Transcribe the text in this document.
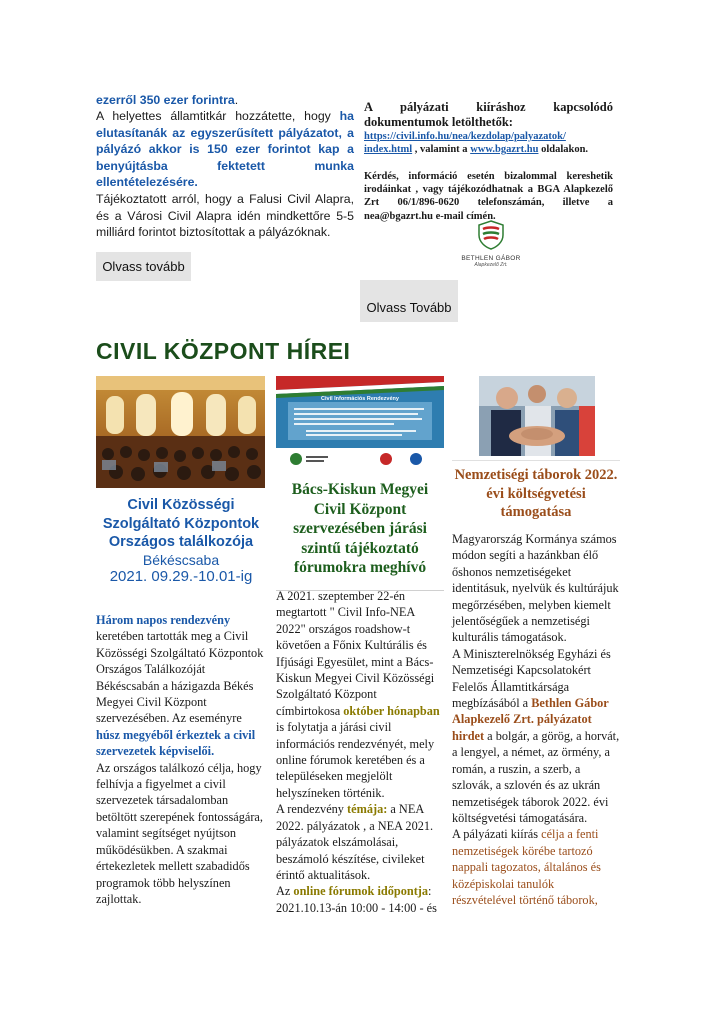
ezerről 350 ezer forintra.

A helyettes államtitkár hozzátette, hogy ha elutasítanák az egyszerűsített pályázatot, a pályázó akkor is 150 ezer forintot kap a benyújtásba fektetett munka ellentételezésére.

Tájékoztatott arról, hogy a Falusi Civil Alapra, és a Városi Civil Alapra idén mindkettőre 5-5 milliárd forintot biztosítottak a pályázóknak.

Olvass tovább

A pályázati kiíráshoz kapcsolódó dokumentumok letölthetők:

https://civil.info.hu/nea/kezdolap/palyazatok/ index.html , valamint a www.bgazrt.hu oldalakon.

Kérdés, információ esetén bizalommal kereshetik irodáinkat , vagy tájékozódhatnak a BGA Alapkezelő Zrt 06/1/896-0620 telefonszámán, illetve a nea@bgazrt.hu e-mail címén.

BETHLEN GÁBOR
Alapkezelő Zrt.
Olvass Tovább
CIVIL KÖZPONT HÍREI
Civil Információs Rendezvény
Civil Közösségi Szolgáltató Központok Országos találkozója
Békéscsaba
2021. 09.29.-10.01-ig

Három napos rendezvény keretében tartották meg a Civil Közösségi Szolgáltató Központok Országos Találkozóját Békéscsabán a házigazda Békés Megyei Civil Központ szervezésében. Az eseményre húsz megyéből érkeztek a civil szervezetek képviselői.

Az országos találkozó célja, hogy felhívja a figyelmet a civil szervezetek társadalomban betöltött szerepének fontosságára, valamint segítséget nyújtson működésükben. A szakmai értekezletek mellett szabadidős programok több helyszínen zajlottak.

Bács-Kiskun Megyei Civil Központ szervezésében járási szintű tájékoztató fórumokra meghívó

A 2021. szeptember 22-én megtartott " Civil Info-NEA 2022" országos roadshow-t követően a Főnix Kultúrális és Ifjúsági Egyesület, mint a Bács-Kiskun Megyei Civil Közösségi Szolgáltató Központ címbirtokosa október hónapban is folytatja a járási civil információs rendezvényét, mely online fórumok keretében és a településeken megjelölt helyszíneken történik.

A rendezvény témája: a NEA 2022. pályázatok , a NEA 2021. pályázatok elszámolásai, beszámoló készítése, civileket érintő aktualitások.

Az online fórumok időpontja: 2021.10.13-án 10:00 - 14:00 - és

Nemzetiségi táborok 2022. évi költségvetési támogatása

Magyarország Kormánya számos módon segíti a hazánkban élő őshonos nemzetiségeket identitásuk, nyelvük és kultúrájuk megőrzésében, melyben kiemelt jelentőségűek a nemzetiségi kulturális támogatások.

A Miniszterelnökség Egyházi és Nemzetiségi Kapcsolatokért Felelős Államtitkársága megbízásából a Bethlen Gábor Alapkezelő Zrt. pályázatot hirdet a bolgár, a görög, a horvát, a lengyel, a német, az örmény, a román, a ruszin, a szerb, a szlovák, a szlovén és az ukrán nemzetiségek táborok 2022. évi költségvetési támogatására.

A pályázati kiírás célja a fenti nemzetiségek körébe tartozó nappali tagozatos, általános és középiskolai tanulók részvételével történő táborok,
